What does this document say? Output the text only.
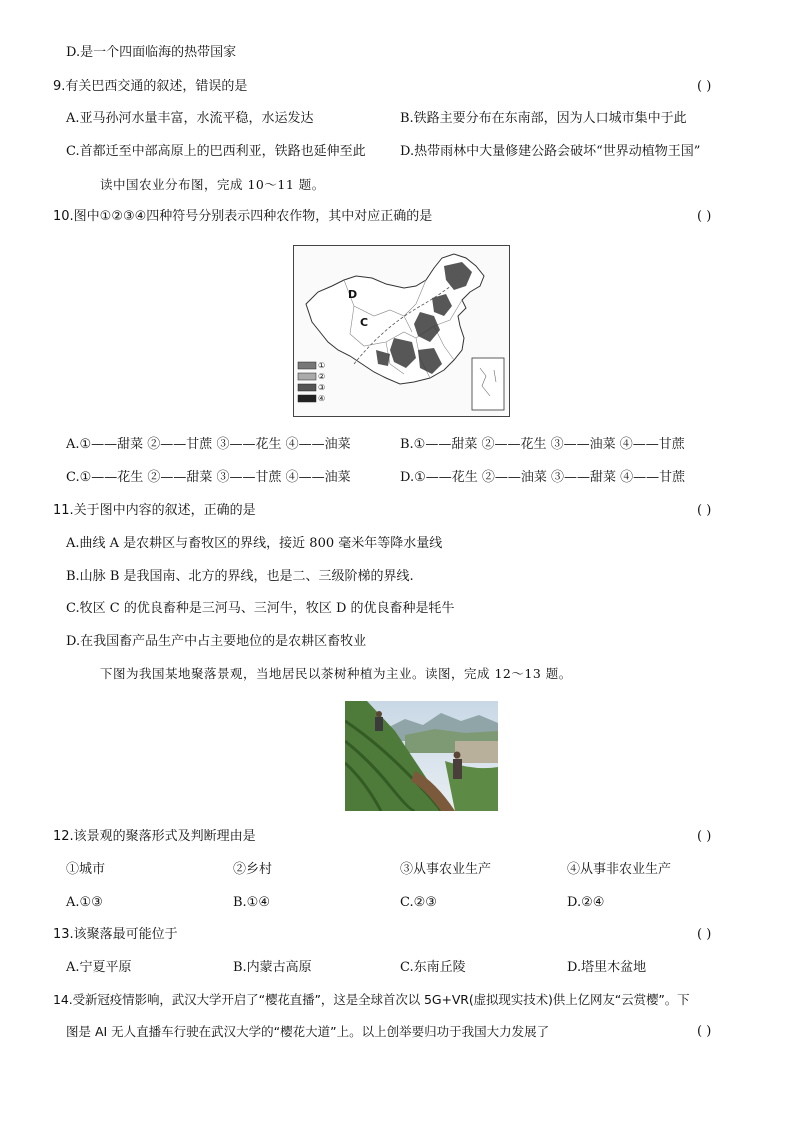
D.是一个四面临海的热带国家
9.有关巴西交通的叙述，错误的是	( )
A.亚马孙河水量丰富，水流平稳，水运发达	B.铁路主要分布在东南部，因为人口城市集中于此
C.首都迁至中部高原上的巴西利亚，铁路也延伸至此	D.热带雨林中大量修建公路会破坏“世界动植物王国”
读中国农业分布图，完成 10～11 题。
10.图中①②③④四种符号分别表示四种农作物，其中对应正确的是	( )
D
C
①
②
③
④
A.①——甜菜 ②——甘蔗 ③——花生 ④——油菜	B.①——甜菜 ②——花生 ③——油菜 ④——甘蔗
C.①——花生 ②——甜菜 ③——甘蔗 ④——油菜	D.①——花生 ②——油菜 ③——甜菜 ④——甘蔗
11.关于图中内容的叙述，正确的是	( )
A.曲线 A 是农耕区与畜牧区的界线，接近 800 毫米年等降水量线
B.山脉 B 是我国南、北方的界线，也是二、三级阶梯的界线.
C.牧区 C 的优良畜种是三河马、三河牛，牧区 D 的优良畜种是牦牛
D.在我国畜产品生产中占主要地位的是农耕区畜牧业
下图为我国某地聚落景观，当地居民以茶树种植为主业。读图，完成 12～13 题。
12.该景观的聚落形式及判断理由是	( )
①城市	②乡村	③从事农业生产	④从事非农业生产
A.①③	B.①④	C.②③	D.②④
13.该聚落最可能位于	( )
A.宁夏平原	B.内蒙古高原	C.东南丘陵	D.塔里木盆地
14.受新冠疫情影响，武汉大学开启了“樱花直播”，这是全球首次以 5G+VR(虚拟现实技术)供上亿网友“云赏樱”。下
图是 AI 无人直播车行驶在武汉大学的“樱花大道”上。以上创举要归功于我国大力发展了	( )
